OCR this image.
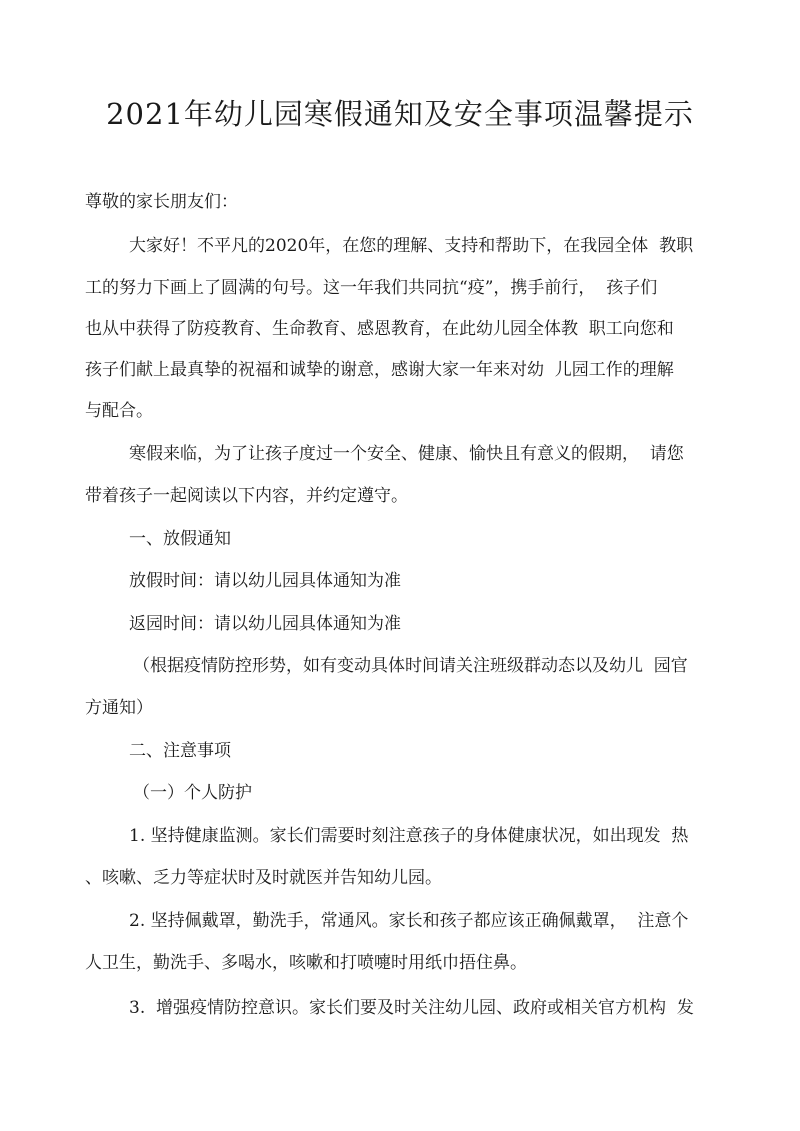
2021年幼儿园寒假通知及安全事项温馨提示

尊敬的家长朋友们：

大家好！不平凡的2020年，在您的理解、支持和帮助下，在我园全体  教职

工的努力下画上了圆满的句号。这一年我们共同抗“疫”，携手前行，  孩子们

也从中获得了防疫教育、生命教育、感恩教育，在此幼儿园全体教  职工向您和

孩子们献上最真挚的祝福和诚挚的谢意，感谢大家一年来对幼  儿园工作的理解

与配合。

寒假来临，为了让孩子度过一个安全、健康、愉快且有意义的假期，  请您

带着孩子一起阅读以下内容，并约定遵守。

一、放假通知

放假时间：请以幼儿园具体通知为准

返园时间：请以幼儿园具体通知为准

（根据疫情防控形势，如有变动具体时间请关注班级群动态以及幼儿  园官

方通知）

二、注意事项

（一）个人防护

1. 坚持健康监测。家长们需要时刻注意孩子的身体健康状况，如出现发  热

、咳嗽、乏力等症状时及时就医并告知幼儿园。

2. 坚持佩戴罩，勤洗手，常通风。家长和孩子都应该正确佩戴罩，  注意个

人卫生，勤洗手、多喝水，咳嗽和打喷嚏时用纸巾捂住鼻。

3.  增强疫情防控意识。家长们要及时关注幼儿园、政府或相关官方机构  发
